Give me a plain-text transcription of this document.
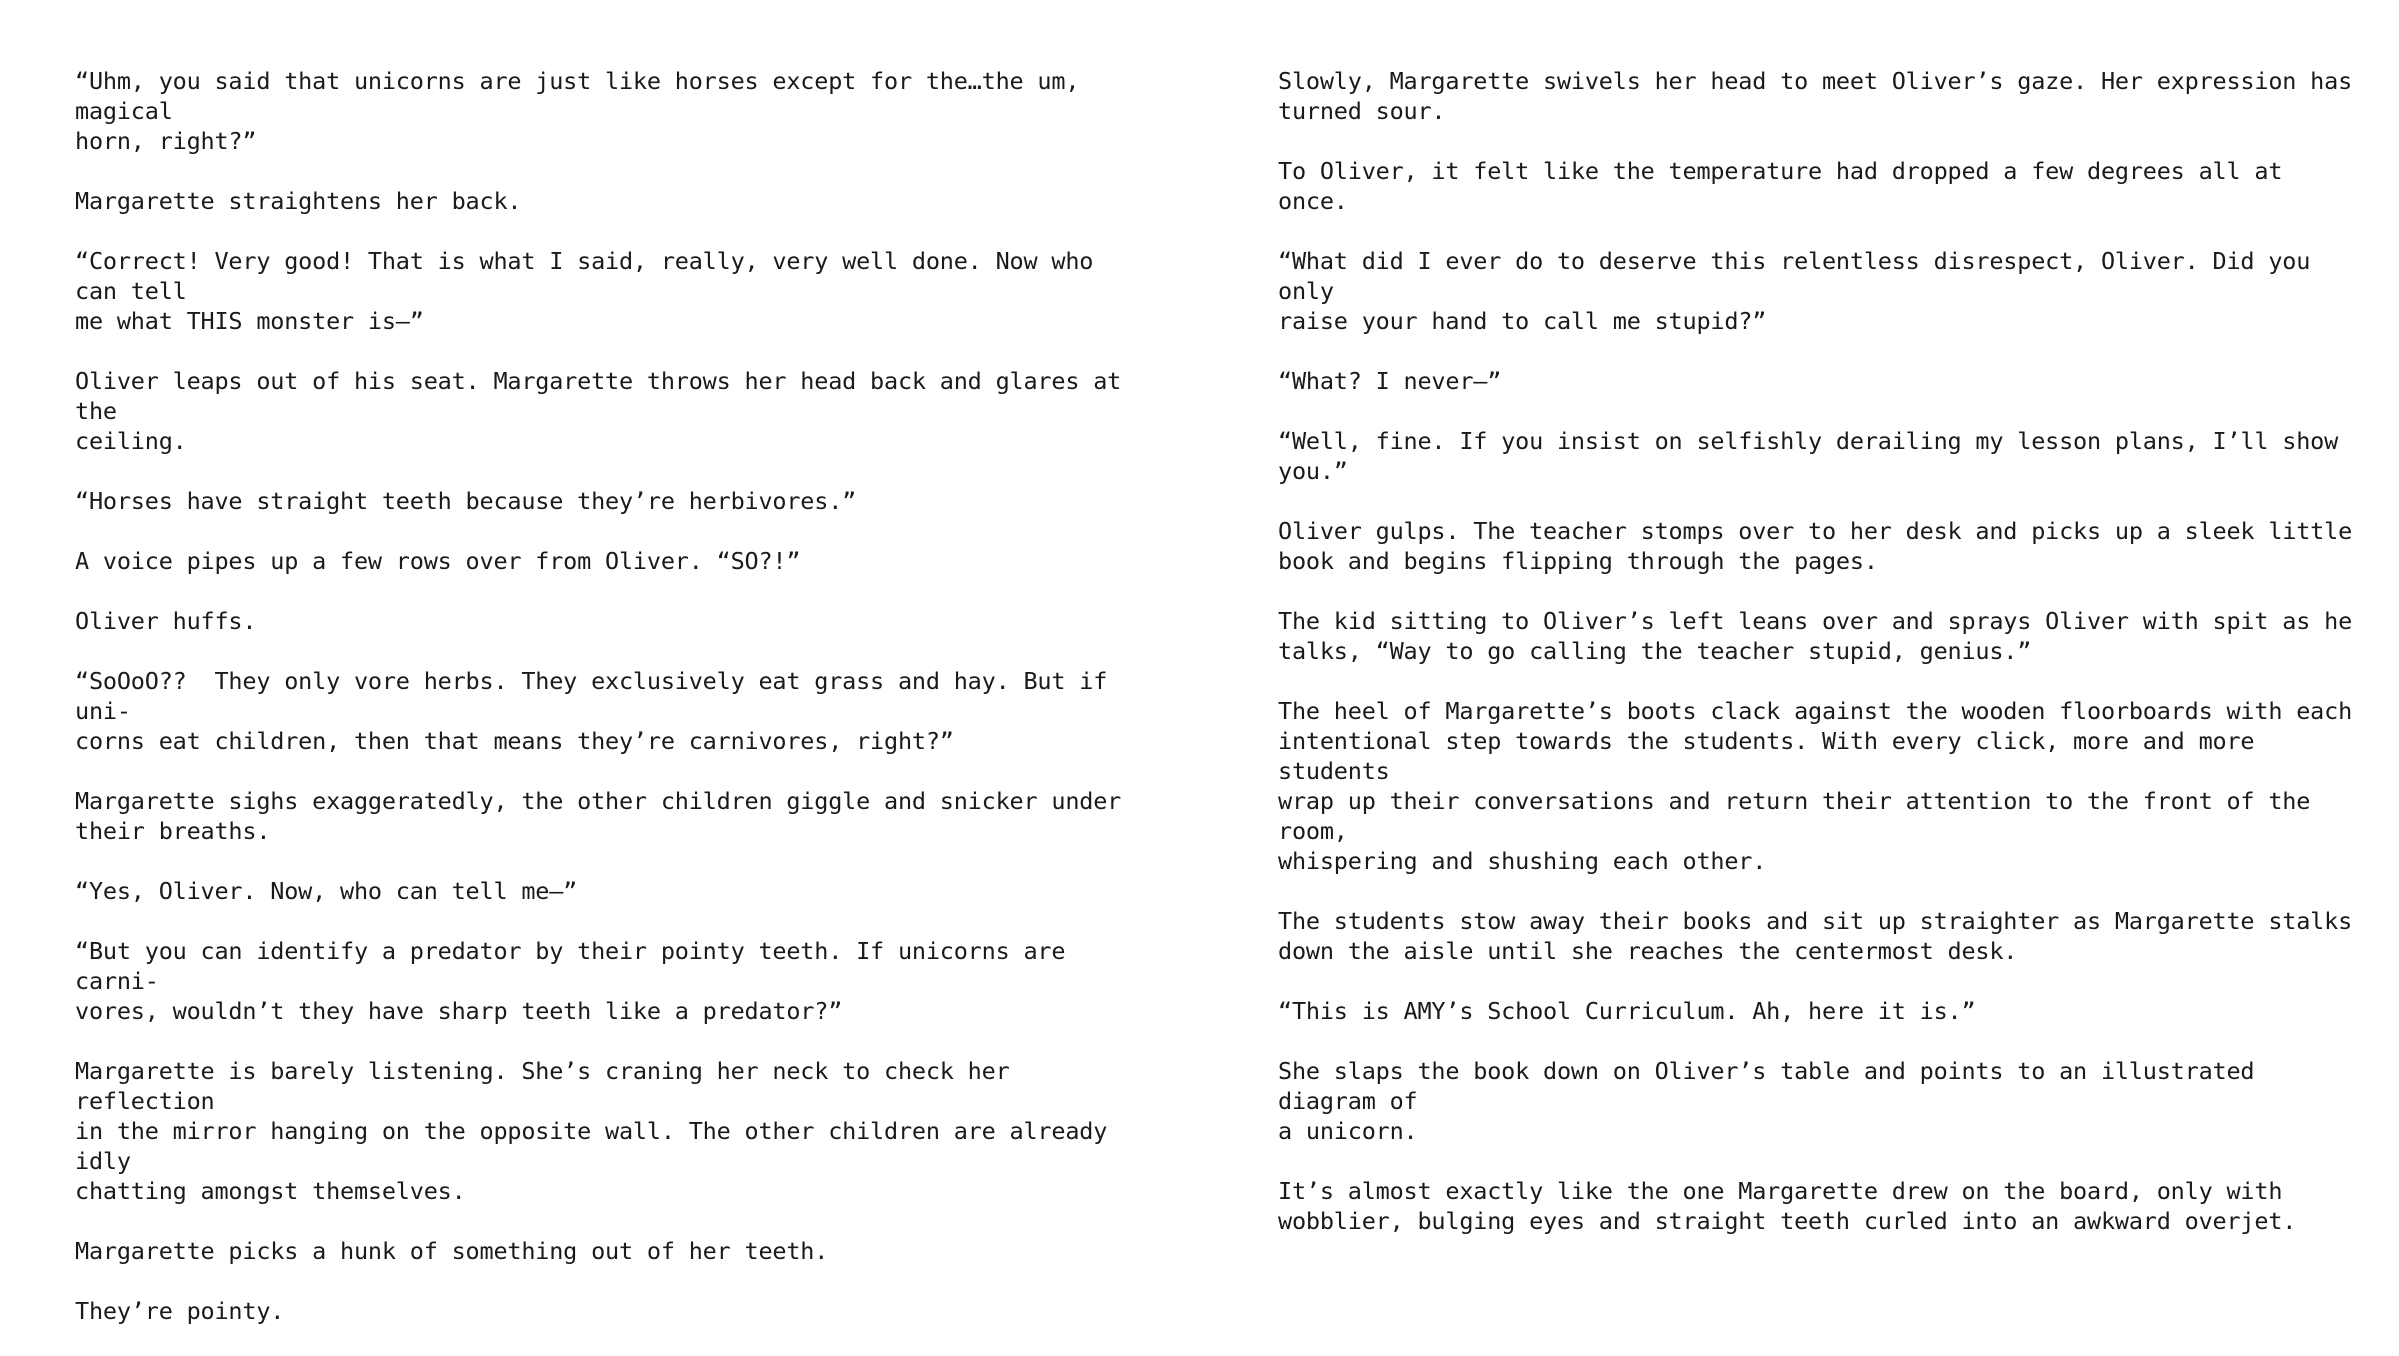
“Uhm, you said that unicorns are just like horses except for the…the um, magical
horn, right?”

Margarette straightens her back.

“Correct! Very good! That is what I said, really, very well done. Now who can tell
me what THIS monster is–”

Oliver leaps out of his seat. Margarette throws her head back and glares at the
ceiling.

“Horses have straight teeth because they’re herbivores.”

A voice pipes up a few rows over from Oliver. “SO?!”

Oliver huffs.

“SoOoO??  They only vore herbs. They exclusively eat grass and hay. But if uni-
corns eat children, then that means they’re carnivores, right?”

Margarette sighs exaggeratedly, the other children giggle and snicker under
their breaths.

“Yes, Oliver. Now, who can tell me–”

“But you can identify a predator by their pointy teeth. If unicorns are carni-
vores, wouldn’t they have sharp teeth like a predator?”

Margarette is barely listening. She’s craning her neck to check her reflection
in the mirror hanging on the opposite wall. The other children are already idly
chatting amongst themselves.

Margarette picks a hunk of something out of her teeth.

They’re pointy.

Slowly, Margarette swivels her head to meet Oliver’s gaze. Her expression has
turned sour.

To Oliver, it felt like the temperature had dropped a few degrees all at once.

“What did I ever do to deserve this relentless disrespect, Oliver. Did you only
raise your hand to call me stupid?”

“What? I never–”

“Well, fine. If you insist on selfishly derailing my lesson plans, I’ll show you.”

Oliver gulps. The teacher stomps over to her desk and picks up a sleek little
book and begins flipping through the pages.

The kid sitting to Oliver’s left leans over and sprays Oliver with spit as he
talks, “Way to go calling the teacher stupid, genius.”

The heel of Margarette’s boots clack against the wooden floorboards with each
intentional step towards the students. With every click, more and more students
wrap up their conversations and return their attention to the front of the room,
whispering and shushing each other.

The students stow away their books and sit up straighter as Margarette stalks
down the aisle until she reaches the centermost desk.

“This is AMY’s School Curriculum. Ah, here it is.”

She slaps the book down on Oliver’s table and points to an illustrated diagram of
a unicorn.

It’s almost exactly like the one Margarette drew on the board, only with
wobblier, bulging eyes and straight teeth curled into an awkward overjet.
